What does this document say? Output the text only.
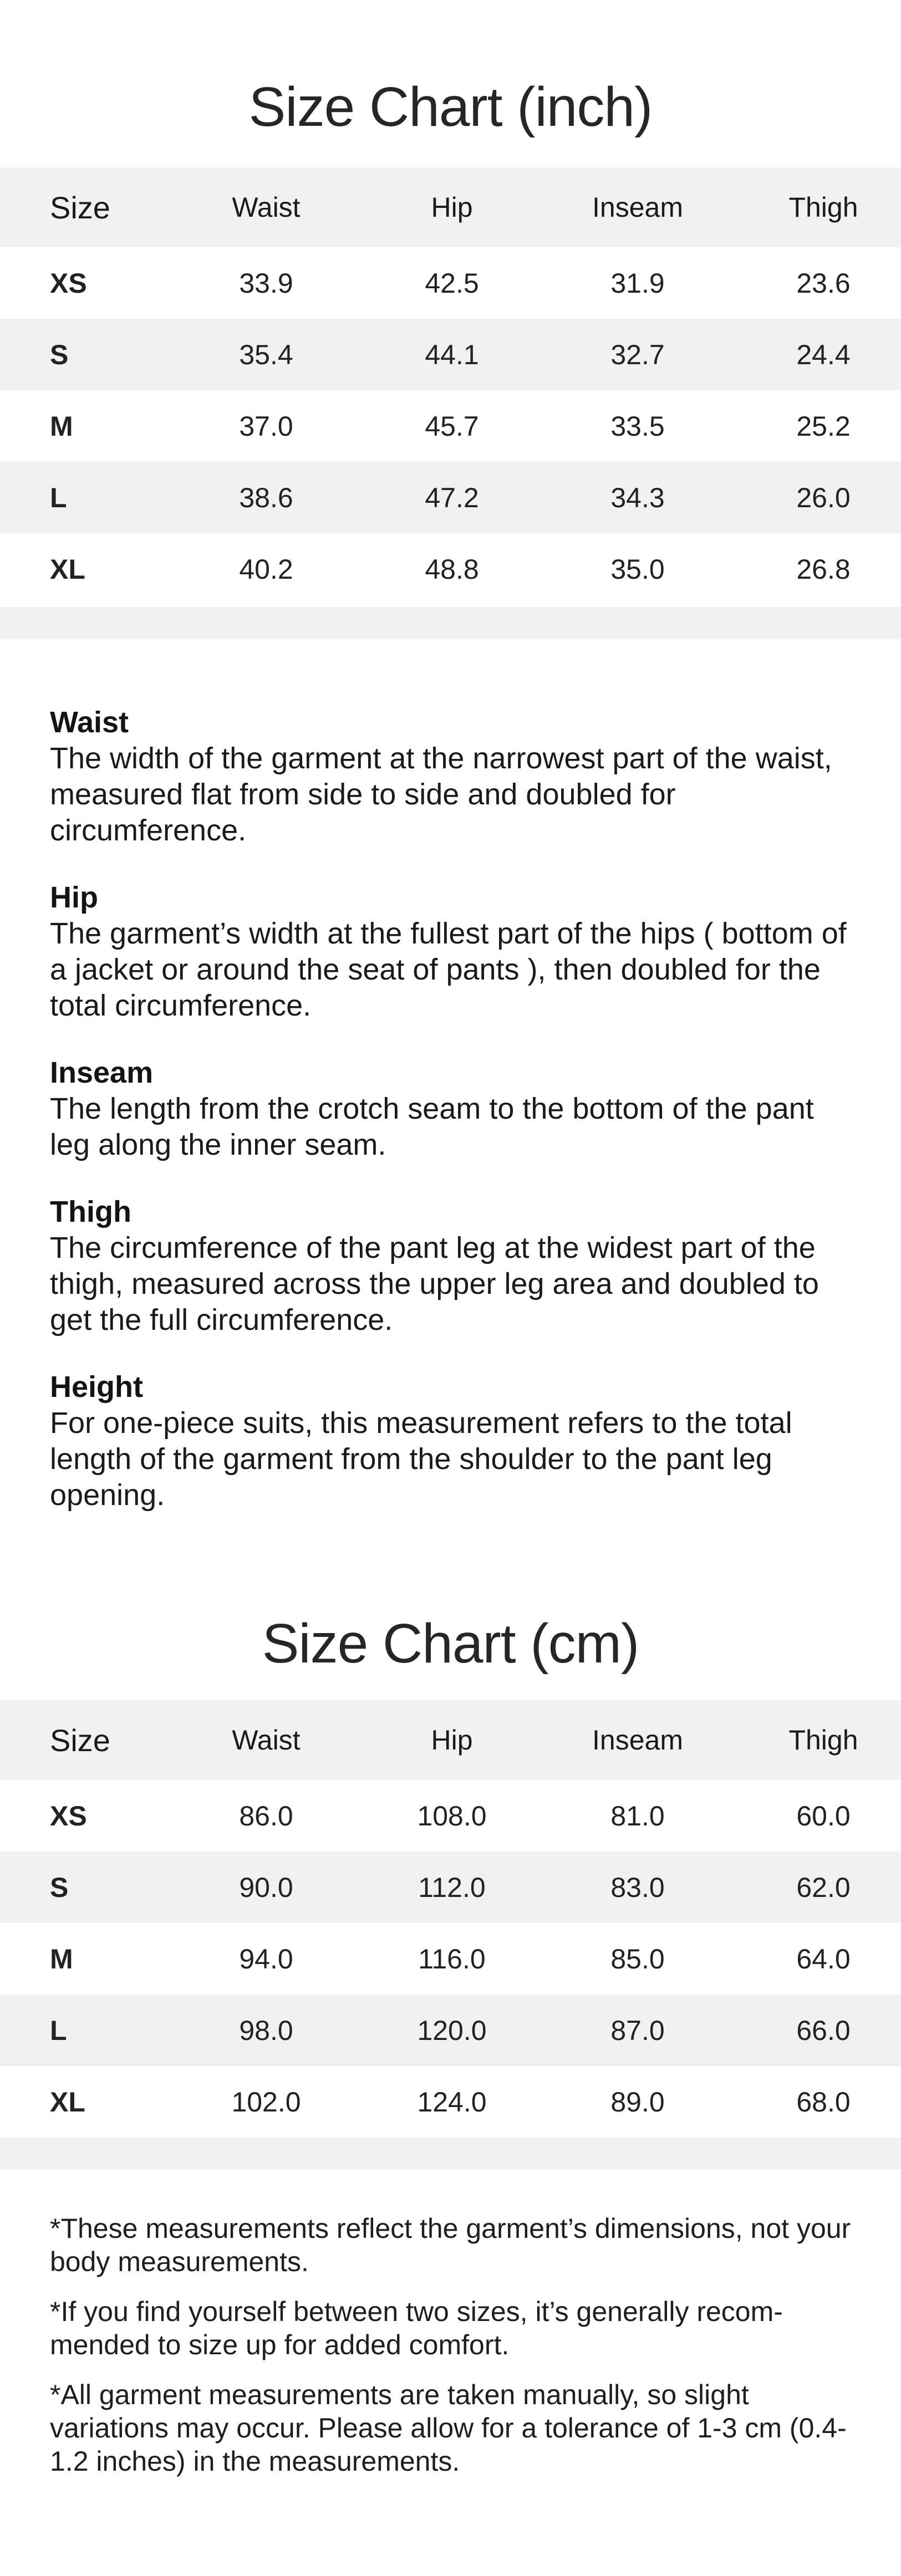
Size Chart (inch)
Size	Waist	Hip	Inseam	Thigh
XS	33.9	42.5	31.9	23.6
S	35.4	44.1	32.7	24.4
M	37.0	45.7	33.5	25.2
L	38.6	47.2	34.3	26.0
XL	40.2	48.8	35.0	26.8
Waist
The width of the garment at the narrowest part of the waist, measured flat from side to side and doubled for circumference.
Hip
The garment’s width at the fullest part of the hips ( bottom of a jacket or around the seat of pants ), then doubled for the total circumference.
Inseam
The length from the crotch seam to the bottom of the pant leg along the inner seam.
Thigh
The circumference of the pant leg at the widest part of the thigh, measured across the upper leg area and doubled to get the full circumference.
Height
For one-piece suits, this measurement refers to the total length of the garment from the shoulder to the pant leg opening.
Size Chart (cm)
Size	Waist	Hip	Inseam	Thigh
XS	86.0	108.0	81.0	60.0
S	90.0	112.0	83.0	62.0
M	94.0	116.0	85.0	64.0
L	98.0	120.0	87.0	66.0
XL	102.0	124.0	89.0	68.0
*These measurements reflect the garment’s dimensions, not your body measurements.
*If you find yourself between two sizes, it’s generally recom-mended to size up for added comfort.
*All garment measurements are taken manually, so slight variations may occur. Please allow for a tolerance of 1-3 cm (0.4-1.2 inches) in the measurements.
